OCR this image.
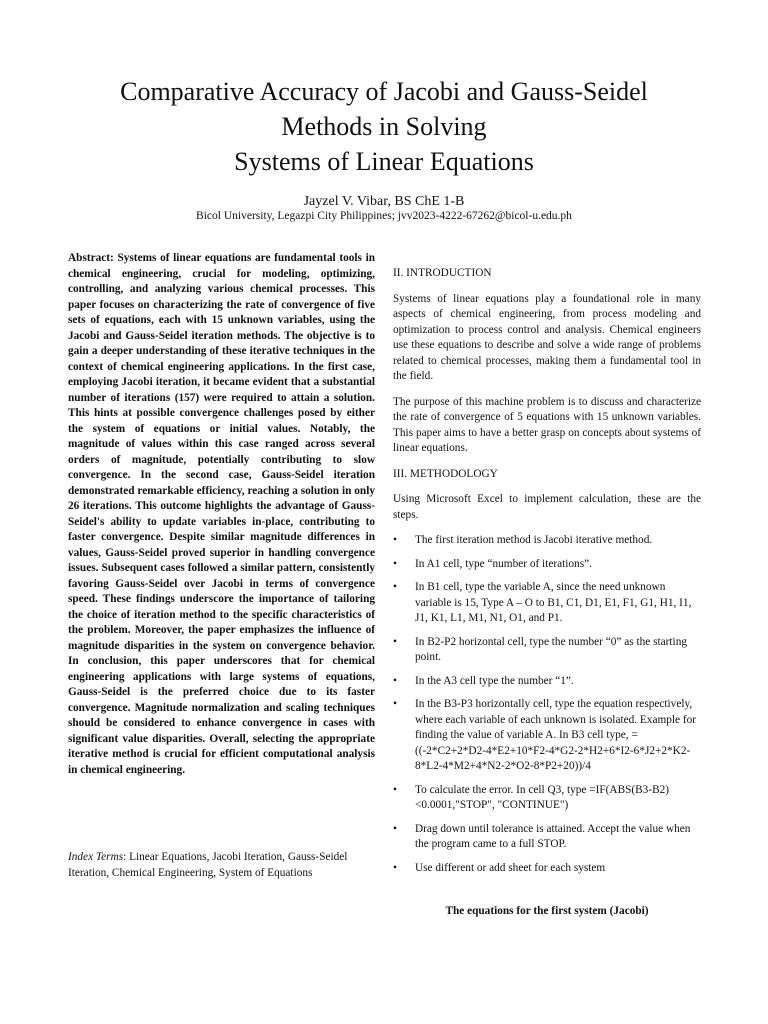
Comparative Accuracy of Jacobi and Gauss-Seidel
Methods in Solving
Systems of Linear Equations
Jayzel V. Vibar, BS ChE 1-B
Bicol University, Legazpi City Philippines; jvv2023-4222-67262@bicol-u.edu.ph

Abstract: Systems of linear equations are fundamental tools in chemical engineering, crucial for modeling, optimizing, controlling, and analyzing various chemical processes. This paper focuses on characterizing the rate of convergence of five sets of equations, each with 15 unknown variables, using the Jacobi and Gauss-Seidel iteration methods. The objective is to gain a deeper understanding of these iterative techniques in the context of chemical engineering applications. In the first case, employing Jacobi iteration, it became evident that a substantial number of iterations (157) were required to attain a solution. This hints at possible convergence challenges posed by either the system of equations or initial values. Notably, the magnitude of values within this case ranged across several orders of magnitude, potentially contributing to slow convergence. In the second case, Gauss-Seidel iteration demonstrated remarkable efficiency, reaching a solution in only 26 iterations. This outcome highlights the advantage of Gauss-Seidel's ability to update variables in-place, contributing to faster convergence. Despite similar magnitude differences in values, Gauss-Seidel proved superior in handling convergence issues. Subsequent cases followed a similar pattern, consistently favoring Gauss-Seidel over Jacobi in terms of convergence speed. These findings underscore the importance of tailoring the choice of iteration method to the specific characteristics of the problem. Moreover, the paper emphasizes the influence of magnitude disparities in the system on convergence behavior. In conclusion, this paper underscores that for chemical engineering applications with large systems of equations, Gauss-Seidel is the preferred choice due to its faster convergence. Magnitude normalization and scaling techniques should be considered to enhance convergence in cases with significant value disparities. Overall, selecting the appropriate iterative method is crucial for efficient computational analysis in chemical engineering.

Index Terms: Linear Equations, Jacobi Iteration, Gauss-Seidel Iteration, Chemical Engineering, System of Equations

II. INTRODUCTION

Systems of linear equations play a foundational role in many aspects of chemical engineering, from process modeling and optimization to process control and analysis. Chemical engineers use these equations to describe and solve a wide range of problems related to chemical processes, making them a fundamental tool in the field.

The purpose of this machine problem is to discuss and characterize the rate of convergence of 5 equations with 15 unknown variables. This paper aims to have a better grasp on concepts about systems of linear equations.

III. METHODOLOGY

Using Microsoft Excel to implement calculation, these are the steps.

• The first iteration method is Jacobi iterative method.
• In A1 cell, type “number of iterations”.
• In B1 cell, type the variable A, since the need unknown variable is 15, Type A – O to B1, C1, D1, E1, F1, G1, H1, I1, J1, K1, L1, M1, N1, O1, and P1.
• In B2-P2 horizontal cell, type the number “0” as the starting point.
• In the A3 cell type the number “1”.
• In the B3-P3 horizontally cell, type the equation respectively, where each variable of each unknown is isolated. Example for finding the value of variable A. In B3 cell type, =((-2*C2+2*D2-4*E2+10*F2-4*G2-2*H2+6*I2-6*J2+2*K2-8*L2-4*M2+4*N2-2*O2-8*P2+20))/4
• To calculate the error. In cell Q3, type =IF(ABS(B3-B2)<0.0001,"STOP", "CONTINUE")
• Drag down until tolerance is attained. Accept the value when the program came to a full STOP.
• Use different or add sheet for each system
The equations for the first system (Jacobi)
